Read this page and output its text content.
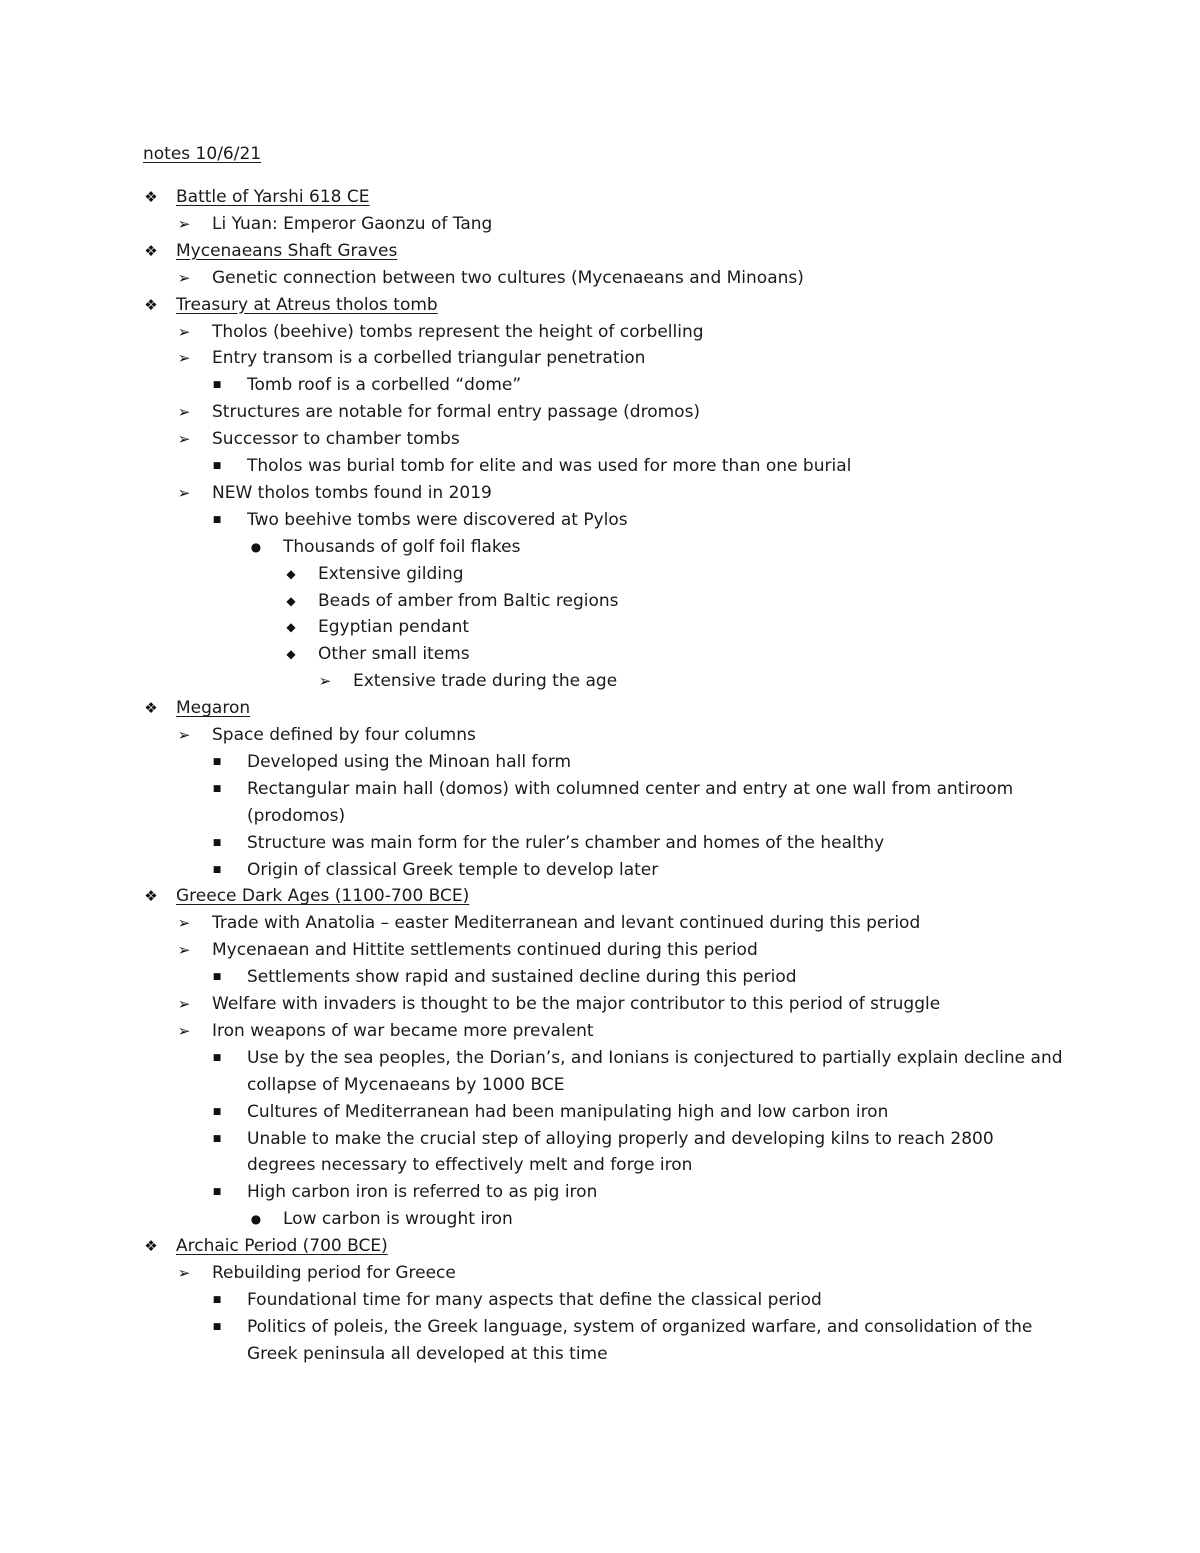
notes 10/6/21
❖	Battle of Yarshi 618 CE
➢	Li Yuan: Emperor Gaonzu of Tang
❖	Mycenaeans Shaft Graves
➢	Genetic connection between two cultures (Mycenaeans and Minoans)
❖	Treasury at Atreus tholos tomb
➢	Tholos (beehive) tombs represent the height of corbelling
➢	Entry transom is a corbelled triangular penetration
■	Tomb roof is a corbelled “dome”
➢	Structures are notable for formal entry passage (dromos)
➢	Successor to chamber tombs
■	Tholos was burial tomb for elite and was used for more than one burial
➢	NEW tholos tombs found in 2019
■	Two beehive tombs were discovered at Pylos
●	Thousands of golf foil flakes
◆	Extensive gilding
◆	Beads of amber from Baltic regions
◆	Egyptian pendant
◆	Other small items
➢	Extensive trade during the age
❖	Megaron
➢	Space defined by four columns
■	Developed using the Minoan hall form
■	Rectangular main hall (domos) with columned center and entry at one wall from antiroom
(prodomos)
■	Structure was main form for the ruler’s chamber and homes of the healthy
■	Origin of classical Greek temple to develop later
❖	Greece Dark Ages (1100-700 BCE)
➢	Trade with Anatolia – easter Mediterranean and levant continued during this period
➢	Mycenaean and Hittite settlements continued during this period
■	Settlements show rapid and sustained decline during this period
➢	Welfare with invaders is thought to be the major contributor to this period of struggle
➢	Iron weapons of war became more prevalent
■	Use by the sea peoples, the Dorian’s, and Ionians is conjectured to partially explain decline and
collapse of Mycenaeans by 1000 BCE
■	Cultures of Mediterranean had been manipulating high and low carbon iron
■	Unable to make the crucial step of alloying properly and developing kilns to reach 2800
degrees necessary to effectively melt and forge iron
■	High carbon iron is referred to as pig iron
●	Low carbon is wrought iron
❖	Archaic Period (700 BCE)
➢	Rebuilding period for Greece
■	Foundational time for many aspects that define the classical period
■	Politics of poleis, the Greek language, system of organized warfare, and consolidation of the
Greek peninsula all developed at this time
